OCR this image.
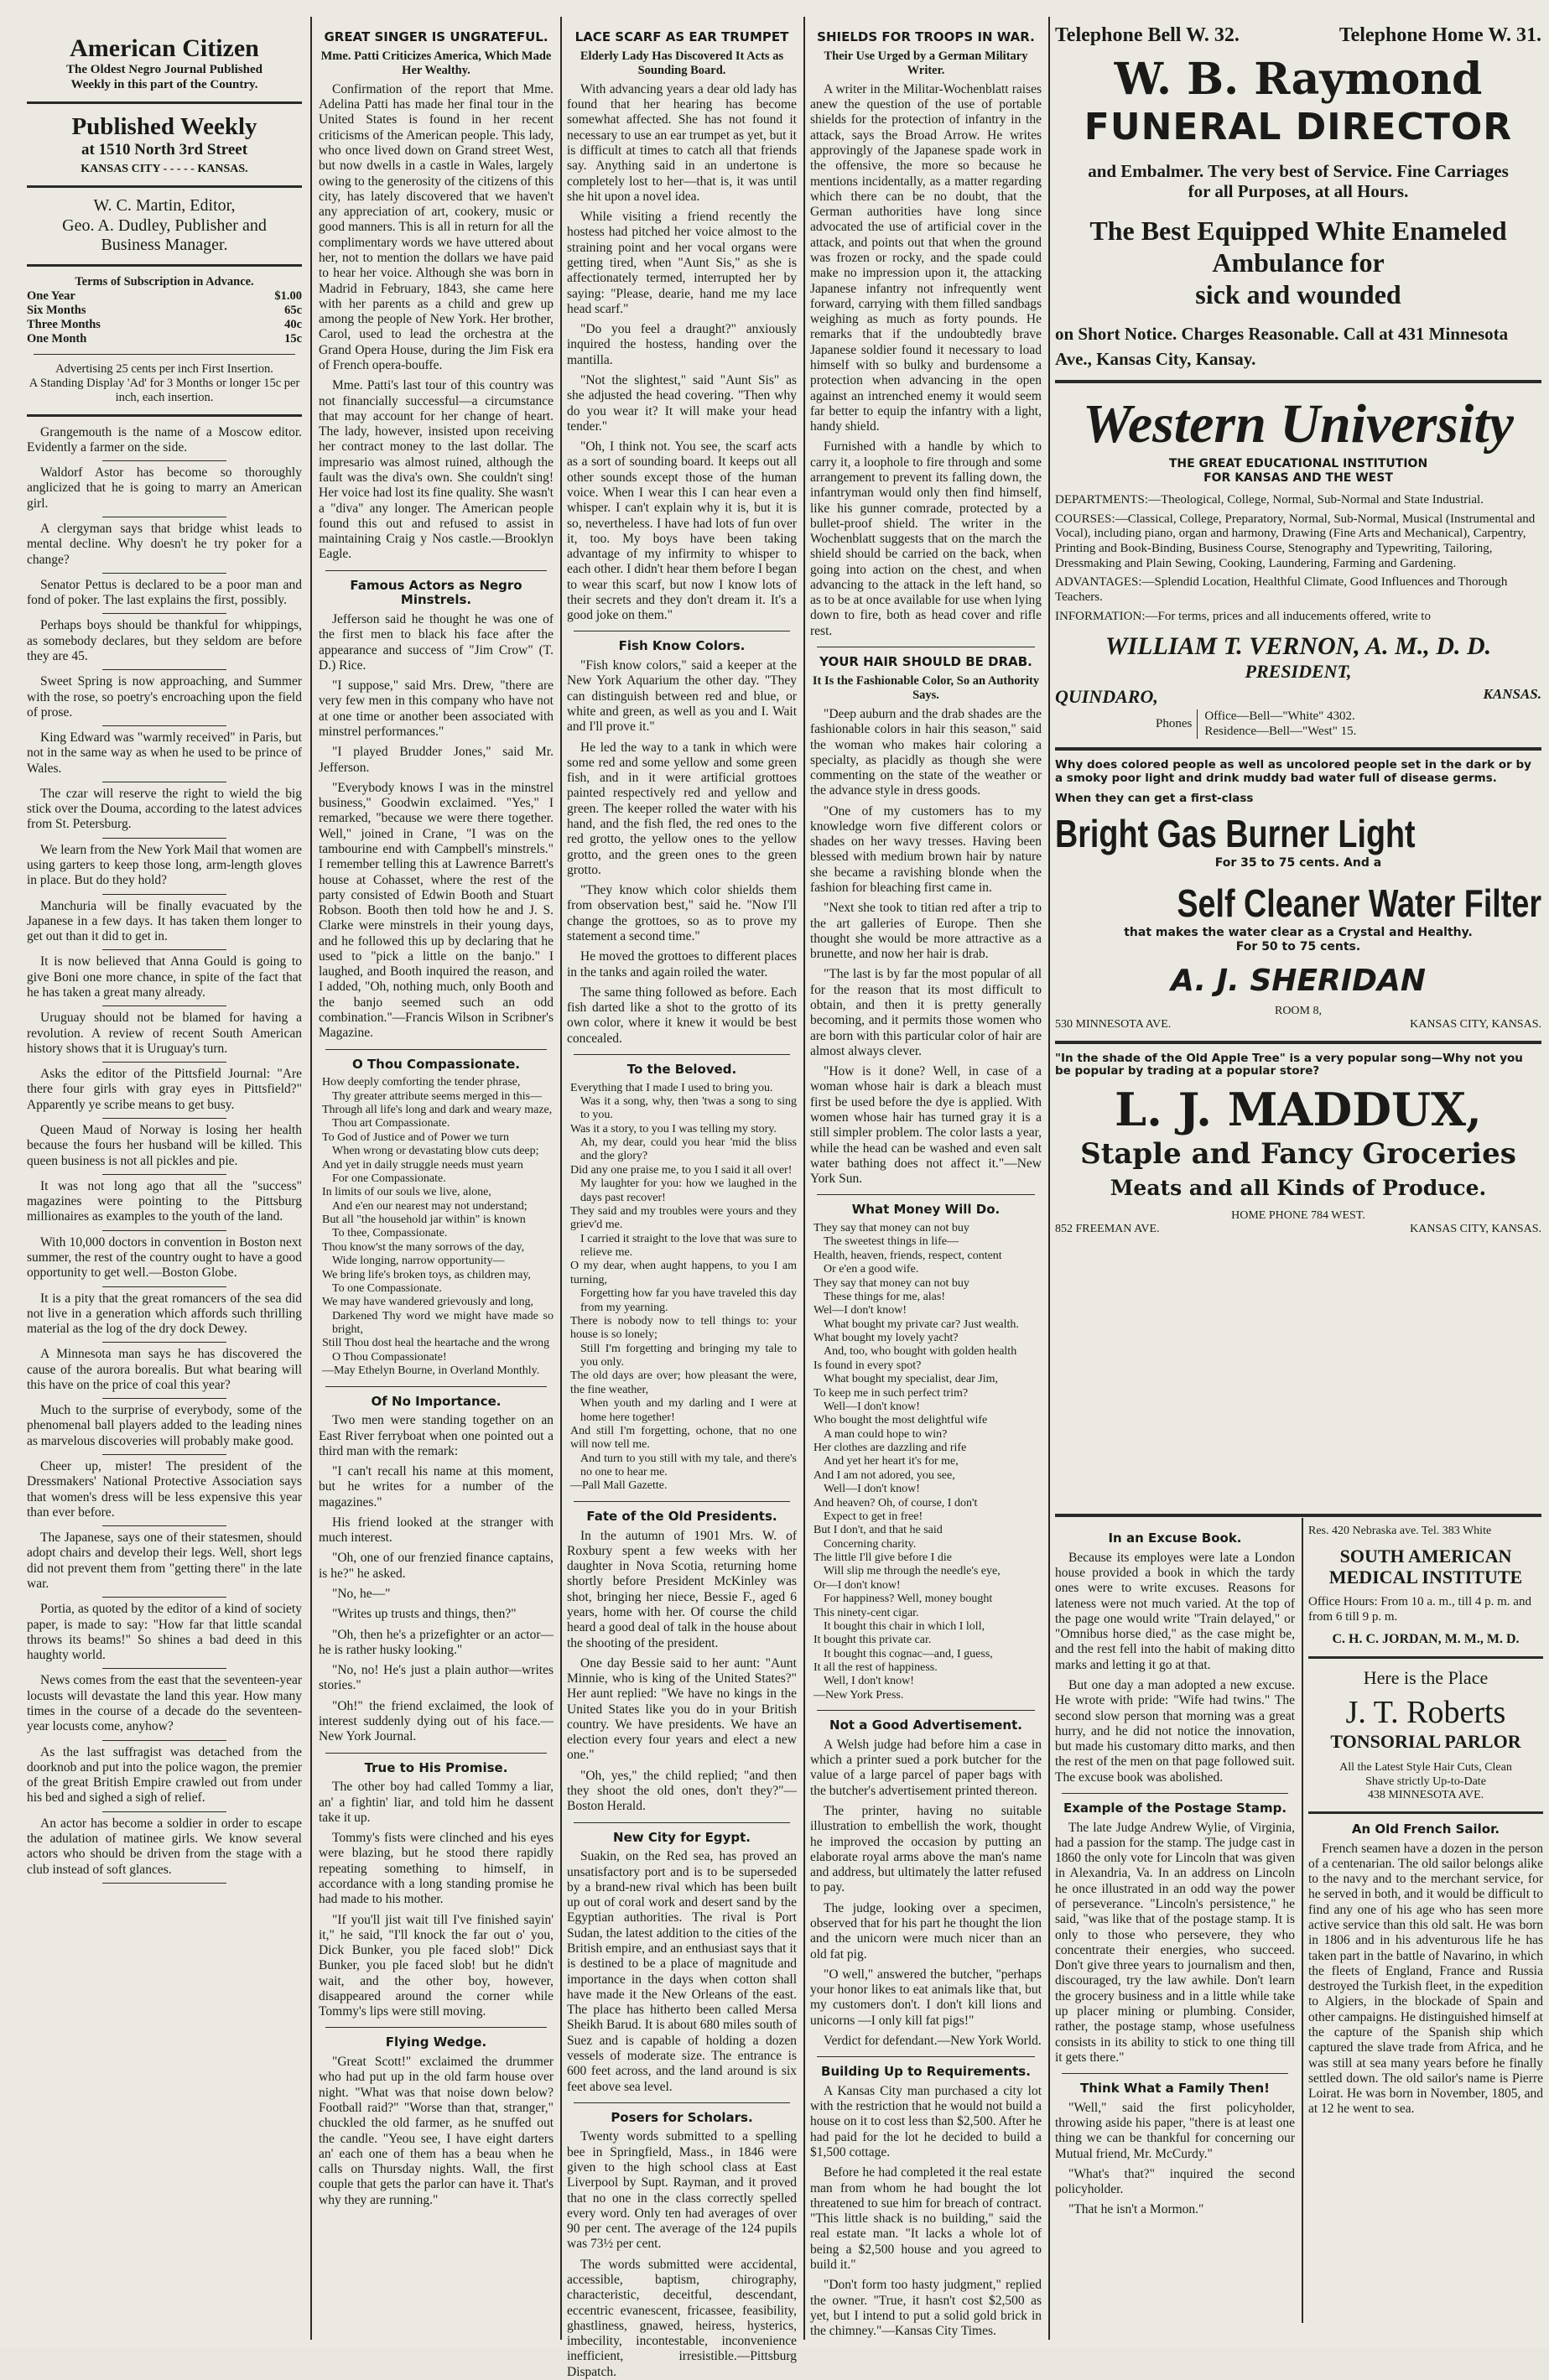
American Citizen
The Oldest Negro Journal Published
Weekly in this part of the Country.
Published Weekly
at 1510 North 3rd Street
KANSAS CITY - - - - - KANSAS.
W. C. Martin, Editor,
Geo. A. Dudley, Publisher and
Business Manager.
Terms of Subscription in Advance.
One Year	$1.00
Six Months	65c
Three Months	40c
One Month	15c
Advertising 25 cents per inch First Insertion.
A Standing Display 'Ad' for 3 Months or longer 15c per inch, each insertion.

Grangemouth is the name of a Moscow editor. Evidently a farmer on the side.

Waldorf Astor has become so thoroughly anglicized that he is going to marry an American girl.

A clergyman says that bridge whist leads to mental decline. Why doesn't he try poker for a change?

Senator Pettus is declared to be a poor man and fond of poker. The last explains the first, possibly.

Perhaps boys should be thankful for whippings, as somebody declares, but they seldom are before they are 45.

Sweet Spring is now approaching, and Summer with the rose, so poetry's encroaching upon the field of prose.

King Edward was "warmly received" in Paris, but not in the same way as when he used to be prince of Wales.

The czar will reserve the right to wield the big stick over the Douma, according to the latest advices from St. Petersburg.

We learn from the New York Mail that women are using garters to keep those long, arm-length gloves in place. But do they hold?

Manchuria will be finally evacuated by the Japanese in a few days. It has taken them longer to get out than it did to get in.

It is now believed that Anna Gould is going to give Boni one more chance, in spite of the fact that he has taken a great many already.

Uruguay should not be blamed for having a revolution. A review of recent South American history shows that it is Uruguay's turn.

Asks the editor of the Pittsfield Journal: "Are there four girls with gray eyes in Pittsfield?" Apparently ye scribe means to get busy.

Queen Maud of Norway is losing her health because the fours her husband will be killed. This queen business is not all pickles and pie.

It was not long ago that all the "success" magazines were pointing to the Pittsburg millionaires as examples to the youth of the land.

With 10,000 doctors in convention in Boston next summer, the rest of the country ought to have a good opportunity to get well.—Boston Globe.

It is a pity that the great romancers of the sea did not live in a generation which affords such thrilling material as the log of the dry dock Dewey.

A Minnesota man says he has discovered the cause of the aurora borealis. But what bearing will this have on the price of coal this year?

Much to the surprise of everybody, some of the phenomenal ball players added to the leading nines as marvelous discoveries will probably make good.

Cheer up, mister! The president of the Dressmakers' National Protective Association says that women's dress will be less expensive this year than ever before.

The Japanese, says one of their statesmen, should adopt chairs and develop their legs. Well, short legs did not prevent them from "getting there" in the late war.

Portia, as quoted by the editor of a kind of society paper, is made to say: "How far that little scandal throws its beams!" So shines a bad deed in this haughty world.

News comes from the east that the seventeen-year locusts will devastate the land this year. How many times in the course of a decade do the seventeen-year locusts come, anyhow?

As the last suffragist was detached from the doorknob and put into the police wagon, the premier of the great British Empire crawled out from under his bed and sighed a sigh of relief.

An actor has become a soldier in order to escape the adulation of matinee girls. We know several actors who should be driven from the stage with a club instead of soft glances.

GREAT SINGER IS UNGRATEFUL.
Mme. Patti Criticizes America, Which Made Her Wealthy.

Confirmation of the report that Mme. Adelina Patti has made her final tour in the United States is found in her recent criticisms of the American people. This lady, who once lived down on Grand street West, but now dwells in a castle in Wales, largely owing to the generosity of the citizens of this city, has lately discovered that we haven't any appreciation of art, cookery, music or good manners. This is all in return for all the complimentary words we have uttered about her, not to mention the dollars we have paid to hear her voice. Although she was born in Madrid in February, 1843, she came here with her parents as a child and grew up among the people of New York. Her brother, Carol, used to lead the orchestra at the Grand Opera House, during the Jim Fisk era of French opera-bouffe.

Mme. Patti's last tour of this country was not financially successful—a circumstance that may account for her change of heart. The lady, however, insisted upon receiving her contract money to the last dollar. The impresario was almost ruined, although the fault was the diva's own. She couldn't sing! Her voice had lost its fine quality. She wasn't a "diva" any longer. The American people found this out and refused to assist in maintaining Craig y Nos castle.—Brooklyn Eagle.

Famous Actors as Negro Minstrels.

Jefferson said he thought he was one of the first men to black his face after the appearance and success of "Jim Crow" (T. D.) Rice.

"I suppose," said Mrs. Drew, "there are very few men in this company who have not at one time or another been associated with minstrel performances."

"I played Brudder Jones," said Mr. Jefferson.

"Everybody knows I was in the minstrel business," Goodwin exclaimed. "Yes," I remarked, "because we were there together. Well," joined in Crane, "I was on the tambourine end with Campbell's minstrels." I remember telling this at Lawrence Barrett's house at Cohasset, where the rest of the party consisted of Edwin Booth and Stuart Robson. Booth then told how he and J. S. Clarke were minstrels in their young days, and he followed this up by declaring that he used to "pick a little on the banjo." I laughed, and Booth inquired the reason, and I added, "Oh, nothing much, only Booth and the banjo seemed such an odd combination."—Francis Wilson in Scribner's Magazine.

O Thou Compassionate.
How deeply comforting the tender phrase,
Thy greater attribute seems merged in this—
Through all life's long and dark and weary maze,
Thou art Compassionate.
To God of Justice and of Power we turn
When wrong or devastating blow cuts deep;
And yet in daily struggle needs must yearn
For one Compassionate.
In limits of our souls we live, alone,
And e'en our nearest may not understand;
But all "the household jar within" is known
To thee, Compassionate.
Thou know'st the many sorrows of the day,
Wide longing, narrow opportunity—
We bring life's broken toys, as children may,
To one Compassionate.
We may have wandered grievously and long,
Darkened Thy word we might have made so bright,
Still Thou dost heal the heartache and the wrong
O Thou Compassionate!
—May Ethelyn Bourne, in Overland Monthly.
Of No Importance.

Two men were standing together on an East River ferryboat when one pointed out a third man with the remark:

"I can't recall his name at this moment, but he writes for a number of the magazines."

His friend looked at the stranger with much interest.

"Oh, one of our frenzied finance captains, is he?" he asked.

"No, he—"

"Writes up trusts and things, then?"

"Oh, then he's a prizefighter or an actor—he is rather husky looking."

"No, no! He's just a plain author—writes stories."

"Oh!" the friend exclaimed, the look of interest suddenly dying out of his face.—New York Journal.

True to His Promise.

The other boy had called Tommy a liar, an' a fightin' liar, and told him he dassent take it up.

Tommy's fists were clinched and his eyes were blazing, but he stood there rapidly repeating something to himself, in accordance with a long standing promise he had made to his mother.

"If you'll jist wait till I've finished sayin' it," he said, "I'll knock the far out o' you, Dick Bunker, you ple faced slob!" Dick Bunker, you ple faced slob! but he didn't wait, and the other boy, however, disappeared around the corner while Tommy's lips were still moving.

Flying Wedge.

"Great Scott!" exclaimed the drummer who had put up in the old farm house over night. "What was that noise down below? Football raid?" "Worse than that, stranger," chuckled the old farmer, as he snuffed out the candle. "Yeou see, I have eight darters an' each one of them has a beau when he calls on Thursday nights. Wall, the first couple that gets the parlor can have it. That's why they are running."

LACE SCARF AS EAR TRUMPET
Elderly Lady Has Discovered It Acts as Sounding Board.

With advancing years a dear old lady has found that her hearing has become somewhat affected. She has not found it necessary to use an ear trumpet as yet, but it is difficult at times to catch all that friends say. Anything said in an undertone is completely lost to her—that is, it was until she hit upon a novel idea.

While visiting a friend recently the hostess had pitched her voice almost to the straining point and her vocal organs were getting tired, when "Aunt Sis," as she is affectionately termed, interrupted her by saying: "Please, dearie, hand me my lace head scarf."

"Do you feel a draught?" anxiously inquired the hostess, handing over the mantilla.

"Not the slightest," said "Aunt Sis" as she adjusted the head covering. "Then why do you wear it? It will make your head tender."

"Oh, I think not. You see, the scarf acts as a sort of sounding board. It keeps out all other sounds except those of the human voice. When I wear this I can hear even a whisper. I can't explain why it is, but it is so, nevertheless. I have had lots of fun over it, too. My boys have been taking advantage of my infirmity to whisper to each other. I didn't hear them before I began to wear this scarf, but now I know lots of their secrets and they don't dream it. It's a good joke on them."

Fish Know Colors.

"Fish know colors," said a keeper at the New York Aquarium the other day. "They can distinguish between red and blue, or white and green, as well as you and I. Wait and I'll prove it."

He led the way to a tank in which were some red and some yellow and some green fish, and in it were artificial grottoes painted respectively red and yellow and green. The keeper rolled the water with his hand, and the fish fled, the red ones to the red grotto, the yellow ones to the yellow grotto, and the green ones to the green grotto.

"They know which color shields them from observation best," said he. "Now I'll change the grottoes, so as to prove my statement a second time."

He moved the grottoes to different places in the tanks and again roiled the water.

The same thing followed as before. Each fish darted like a shot to the grotto of its own color, where it knew it would be best concealed.

To the Beloved.
Everything that I made I used to bring you.
Was it a song, why, then 'twas a song to sing to you.
Was it a story, to you I was telling my story.
Ah, my dear, could you hear 'mid the bliss and the glory?
Did any one praise me, to you I said it all over!
My laughter for you: how we laughed in the days past recover!
They said and my troubles were yours and they griev'd me.
I carried it straight to the love that was sure to relieve me.
O my dear, when aught happens, to you I am turning,
Forgetting how far you have traveled this day from my yearning.
There is nobody now to tell things to: your house is so lonely;
Still I'm forgetting and bringing my tale to you only.
The old days are over; how pleasant the were, the fine weather,
When youth and my darling and I were at home here together!
And still I'm forgetting, ochone, that no one will now tell me.
And turn to you still with my tale, and there's no one to hear me.
—Pall Mall Gazette.
Fate of the Old Presidents.

In the autumn of 1901 Mrs. W. of Roxbury spent a few weeks with her daughter in Nova Scotia, returning home shortly before President McKinley was shot, bringing her niece, Bessie F., aged 6 years, home with her. Of course the child heard a good deal of talk in the house about the shooting of the president.

One day Bessie said to her aunt: "Aunt Minnie, who is king of the United States?" Her aunt replied: "We have no kings in the United States like you do in your British country. We have presidents. We have an election every four years and elect a new one."

"Oh, yes," the child replied; "and then they shoot the old ones, don't they?"—Boston Herald.

New City for Egypt.

Suakin, on the Red sea, has proved an unsatisfactory port and is to be superseded by a brand-new rival which has been built up out of coral work and desert sand by the Egyptian authorities. The rival is Port Sudan, the latest addition to the cities of the British empire, and an enthusiast says that it is destined to be a place of magnitude and importance in the days when cotton shall have made it the New Orleans of the east. The place has hitherto been called Mersa Sheikh Barud. It is about 680 miles south of Suez and is capable of holding a dozen vessels of moderate size. The entrance is 600 feet across, and the land around is six feet above sea level.

Posers for Scholars.

Twenty words submitted to a spelling bee in Springfield, Mass., in 1846 were given to the high school class at East Liverpool by Supt. Rayman, and it proved that no one in the class correctly spelled every word. Only ten had averages of over 90 per cent. The average of the 124 pupils was 73½ per cent.

The words submitted were accidental, accessible, baptism, chirography, characteristic, deceitful, descendant, eccentric evanescent, fricassee, feasibility, ghastliness, gnawed, heiress, hysterics, imbecility, incontestable, inconvenience inefficient, irresistible.—Pittsburg Dispatch.

SHIELDS FOR TROOPS IN WAR.
Their Use Urged by a German Military Writer.

A writer in the Militar-Wochenblatt raises anew the question of the use of portable shields for the protection of infantry in the attack, says the Broad Arrow. He writes approvingly of the Japanese spade work in the offensive, the more so because he mentions incidentally, as a matter regarding which there can be no doubt, that the German authorities have long since advocated the use of artificial cover in the attack, and points out that when the ground was frozen or rocky, and the spade could make no impression upon it, the attacking Japanese infantry not infrequently went forward, carrying with them filled sandbags weighing as much as forty pounds. He remarks that if the undoubtedly brave Japanese soldier found it necessary to load himself with so bulky and burdensome a protection when advancing in the open against an intrenched enemy it would seem far better to equip the infantry with a light, handy shield.

Furnished with a handle by which to carry it, a loophole to fire through and some arrangement to prevent its falling down, the infantryman would only then find himself, like his gunner comrade, protected by a bullet-proof shield. The writer in the Wochenblatt suggests that on the march the shield should be carried on the back, when going into action on the chest, and when advancing to the attack in the left hand, so as to be at once available for use when lying down to fire, both as head cover and rifle rest.

YOUR HAIR SHOULD BE DRAB.
It Is the Fashionable Color, So an Authority Says.

"Deep auburn and the drab shades are the fashionable colors in hair this season," said the woman who makes hair coloring a specialty, as placidly as though she were commenting on the state of the weather or the advance style in dress goods.

"One of my customers has to my knowledge worn five different colors or shades on her wavy tresses. Having been blessed with medium brown hair by nature she became a ravishing blonde when the fashion for bleaching first came in.

"Next she took to titian red after a trip to the art galleries of Europe. Then she thought she would be more attractive as a brunette, and now her hair is drab.

"The last is by far the most popular of all for the reason that its most difficult to obtain, and then it is pretty generally becoming, and it permits those women who are born with this particular color of hair are almost always clever.

"How is it done? Well, in case of a woman whose hair is dark a bleach must first be used before the dye is applied. With women whose hair has turned gray it is a still simpler problem. The color lasts a year, while the head can be washed and even salt water bathing does not affect it."—New York Sun.

What Money Will Do.
They say that money can not buy
The sweetest things in life—
Health, heaven, friends, respect, content
Or e'en a good wife.
They say that money can not buy
These things for me, alas!
Wel—I don't know!
What bought my private car? Just wealth.
What bought my lovely yacht?
And, too, who bought with golden health
Is found in every spot?
What bought my specialist, dear Jim,
To keep me in such perfect trim?
Well—I don't know!
Who bought the most delightful wife
A man could hope to win?
Her clothes are dazzling and rife
And yet her heart it's for me,
And I am not adored, you see,
Well—I don't know!
And heaven? Oh, of course, I don't
Expect to get in free!
But I don't, and that he said
Concerning charity.
The little I'll give before I die
Will slip me through the needle's eye,
Or—I don't know!
For happiness? Well, money bought
This ninety-cent cigar.
It bought this chair in which I loll,
It bought this private car.
It bought this cognac—and, I guess,
It all the rest of happiness.
Well, I don't know!
—New York Press.
Not a Good Advertisement.

A Welsh judge had before him a case in which a printer sued a pork butcher for the value of a large parcel of paper bags with the butcher's advertisement printed thereon.

The printer, having no suitable illustration to embellish the work, thought he improved the occasion by putting an elaborate royal arms above the man's name and address, but ultimately the latter refused to pay.

The judge, looking over a specimen, observed that for his part he thought the lion and the unicorn were much nicer than an old fat pig.

"O well," answered the butcher, "perhaps your honor likes to eat animals like that, but my customers don't. I don't kill lions and unicorns —I only kill fat pigs!"

Verdict for defendant.—New York World.

Building Up to Requirements.

A Kansas City man purchased a city lot with the restriction that he would not build a house on it to cost less than $2,500. After he had paid for the lot he decided to build a $1,500 cottage.

Before he had completed it the real estate man from whom he had bought the lot threatened to sue him for breach of contract. "This little shack is no building," said the real estate man. "It lacks a whole lot of being a $2,500 house and you agreed to build it."

"Don't form too hasty judgment," replied the owner. "True, it hasn't cost $2,500 as yet, but I intend to put a solid gold brick in the chimney."—Kansas City Times.

Telephone Bell W. 32.	Telephone Home W. 31.
W. B. Raymond
FUNERAL DIRECTOR
and Embalmer. The very best of Service. Fine Carriages
for all Purposes, at all Hours.
The Best Equipped White Enameled Ambulance for
sick and wounded
on Short Notice. Charges Reasonable. Call at 431 Minnesota Ave., Kansas City, Kansay.
Western University
THE GREAT EDUCATIONAL INSTITUTION
FOR KANSAS AND THE WEST
DEPARTMENTS:—Theological, College, Normal, Sub-Normal and State Industrial.
COURSES:—Classical, College, Preparatory, Normal, Sub-Normal, Musical (Instrumental and Vocal), including piano, organ and harmony, Drawing (Fine Arts and Mechanical), Carpentry, Printing and Book-Binding, Business Course, Stenography and Typewriting, Tailoring, Dressmaking and Plain Sewing, Cooking, Laundering, Farming and Gardening.
ADVANTAGES:—Splendid Location, Healthful Climate, Good Influences and Thorough Teachers.
INFORMATION:—For terms, prices and all inducements offered, write to
WILLIAM T. VERNON, A. M., D. D.
PRESIDENT,
QUINDARO,	KANSAS.
Phones
Office—Bell—"White" 4302.
Residence—Bell—"West" 15.
Why does colored people as well as uncolored people set in the dark or by a smoky poor light and drink muddy bad water full of disease germs.
When they can get a first-class
Bright Gas Burner Light
For 35 to 75 cents. And a
Self Cleaner Water Filter
that makes the water clear as a Crystal and Healthy.
For 50 to 75 cents.
A. J. SHERIDAN
ROOM 8,
530 MINNESOTA AVE.	KANSAS CITY, KANSAS.
"In the shade of the Old Apple Tree" is a very popular song—Why not you be popular by trading at a popular store?
L. J. MADDUX,
Staple and Fancy Groceries
Meats and all Kinds of Produce.
HOME PHONE 784 WEST.
852 FREEMAN AVE.	KANSAS CITY, KANSAS.
In an Excuse Book.

Because its employes were late a London house provided a book in which the tardy ones were to write excuses. Reasons for lateness were not much varied. At the top of the page one would write "Train delayed," or "Omnibus horse died," as the case might be, and the rest fell into the habit of making ditto marks and letting it go at that.

But one day a man adopted a new excuse. He wrote with pride: "Wife had twins." The second slow person that morning was a great hurry, and he did not notice the innovation, but made his customary ditto marks, and then the rest of the men on that page followed suit. The excuse book was abolished.

Example of the Postage Stamp.

The late Judge Andrew Wylie, of Virginia, had a passion for the stamp. The judge cast in 1860 the only vote for Lincoln that was given in Alexandria, Va. In an address on Lincoln he once illustrated in an odd way the power of perseverance. "Lincoln's persistence," he said, "was like that of the postage stamp. It is only to those who persevere, they who concentrate their energies, who succeed. Don't give three years to journalism and then, discouraged, try the law awhile. Don't learn the grocery business and in a little while take up placer mining or plumbing. Consider, rather, the postage stamp, whose usefulness consists in its ability to stick to one thing till it gets there."

Think What a Family Then!

"Well," said the first policyholder, throwing aside his paper, "there is at least one thing we can be thankful for concerning our Mutual friend, Mr. McCurdy."

"What's that?" inquired the second policyholder.

"That he isn't a Mormon."

Res. 420 Nebraska ave. Tel. 383 White
SOUTH AMERICAN
MEDICAL INSTITUTE
Office Hours: From 10 a. m., till 4 p. m. and from 6 till 9 p. m.
C. H. C. JORDAN, M. M., M. D.
Here is the Place
J. T. Roberts
TONSORIAL PARLOR
All the Latest Style Hair Cuts, Clean
Shave strictly Up-to-Date
438 MINNESOTA AVE.
An Old French Sailor.

French seamen have a dozen in the person of a centenarian. The old sailor belongs alike to the navy and to the merchant service, for he served in both, and it would be difficult to find any one of his age who has seen more active service than this old salt. He was born in 1806 and in his adventurous life he has taken part in the battle of Navarino, in which the fleets of England, France and Russia destroyed the Turkish fleet, in the expedition to Algiers, in the blockade of Spain and other campaigns. He distinguished himself at the capture of the Spanish ship which captured the slave trade from Africa, and he was still at sea many years before he finally settled down. The old sailor's name is Pierre Loirat. He was born in November, 1805, and at 12 he went to sea.
